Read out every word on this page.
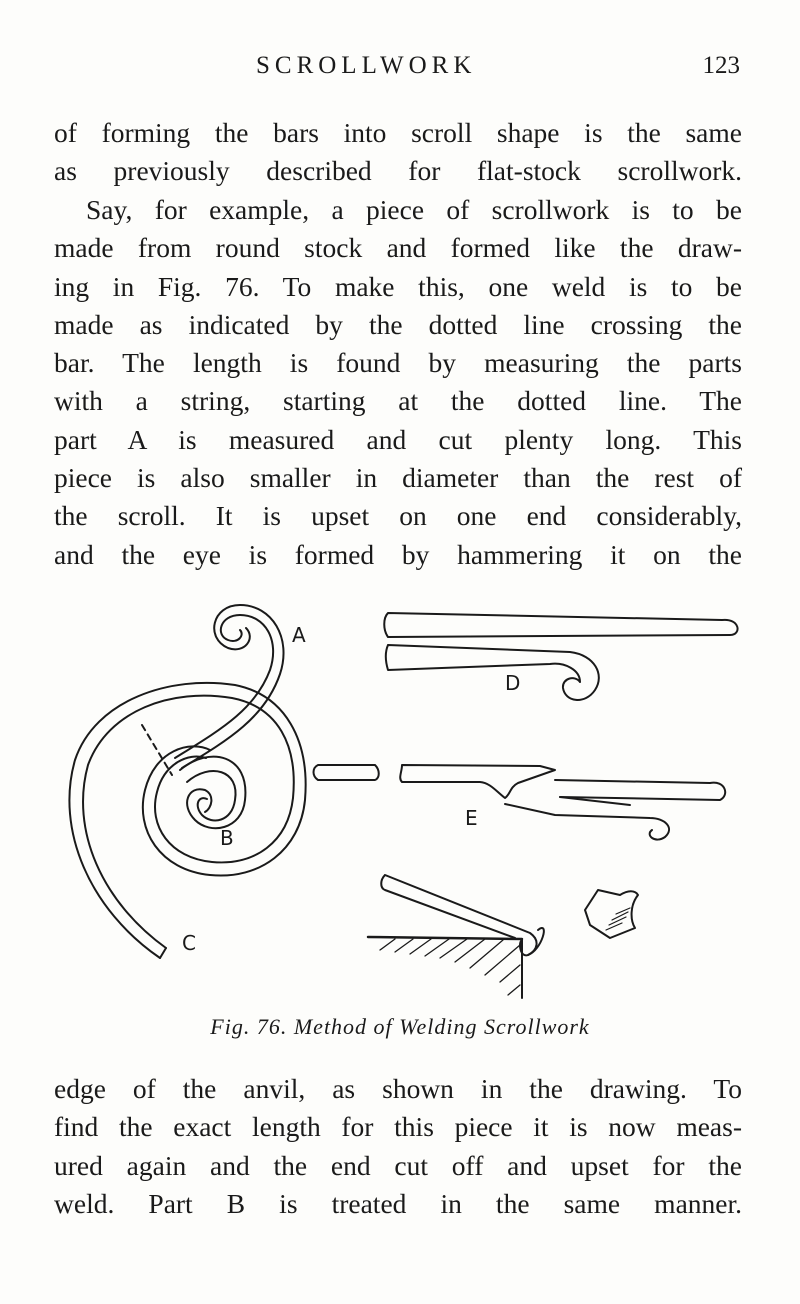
SCROLLWORK	123
of forming the bars into scroll shape is the same
as previously described for flat-stock scrollwork.
Say, for example, a piece of scrollwork is to be
made from round stock and formed like the draw-
ing in Fig. 76. To make this, one weld is to be
made as indicated by the dotted line crossing the
bar. The length is found by measuring the parts
with a string, starting at the dotted line. The
part A is measured and cut plenty long. This
piece is also smaller in diameter than the rest of
the scroll. It is upset on one end considerably,
and the eye is formed by hammering it on the
A
B
C
D
E
Fig. 76. Method of Welding Scrollwork
edge of the anvil, as shown in the drawing. To
find the exact length for this piece it is now meas-
ured again and the end cut off and upset for the
weld. Part B is treated in the same manner.
